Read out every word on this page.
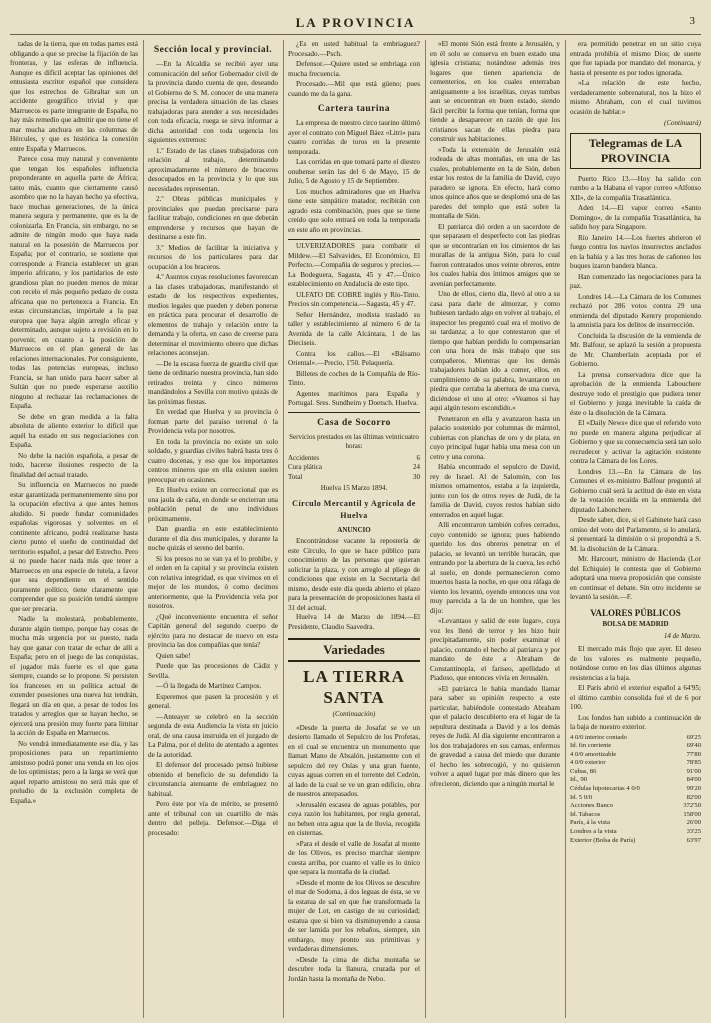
LA PROVINCIA	3

tadas de la tierra, que en todas partes está obligando a que se precise la fijación de las fronteras, y las esferas de influencia. Aunque es difícil aceptar las opiniones del entusiasta escritor español que considera que los estrechos de Gibraltar son un accidente geográfico trivial y que Marruecos es parte integrante de España, no hay más remedio que admitir que no tiene el mar mucha anchura en las columnas de Hércules, y que es histórica la conexión entre España y Marruecos.

Parece cosa muy natural y conveniente que tengan los españoles influencia preponderante en aquella parte de África; tanto más, cuanto que ciertamente causó asombro que no la hayan hecho ya efectiva, hace muchas generaciones, de la única manera segura y permanente, que es la de colonizarla. En Francia, sin embargo, no se admite de ningún modo que haya nada natural en la posesión de Marruecos por España; por el contrario, se sostiene que corresponde a Francia establecer un gran imperio africano, y los partidarios de este grandioso plan no pueden menos de mirar con recelo el más pequeño pedazo de costa africana que no pertenezca a Francia. En estas circunstancias, impórtale a la paz europea que haya algún arreglo eficaz y determinado, aunque sujeto a revisión en lo porvenir, en cuanto a la posición de Marruecos en el plan general de las relaciones internacionales. Por consiguiente, todas las potencias europeas, incluso Francia, se han unido para hacer saber al Sultán que no puede esperarse auxilio ninguno al rechazar las reclamaciones de España.

Se debe en gran medida a la falta absoluta de aliento exterior lo difícil que aquél ha estado en sus negociaciones con España.

No debe la nación española, a pesar de todo, hacerse ilusiones respecto de la finalidad del actual tratado.

Su influencia en Marruecos no puede estar garantizada permanentemente sino por la ocupación efectiva a que antes hemos aludido. Si puede fundar comunidades españolas vigorosas y solventes en el continente africano, podrá realizarse hasta cierto punto el sueño de continuidad del territorio español, a pesar del Estrecho. Pero si no puede hacer nada más que tener a Marruecos en una especie de tutela, a favor que sea dependiente en el sentido puramente político, tiene claramente que comprender que su posición tendrá siempre que ser precaria.

Nadie la molestará, probablemente, durante algún tiempo, porque hay cosas de mucha más urgencia por su puesto, nada hay que ganar con tratar de echar de allí a España; pero en el juego de las conquistas, el jugador más fuerte es el que gana siempre, cuando se lo propone. Si persisten los franceses en su política actual de extender posesiones una nueva luz tendrán, llegará un día en que, a pesar de todos los tratados y arreglos que se hayan hecho, se ejercerá una presión muy fuerte para limitar la acción de España en Marruecos.

No vendrá inmediatamente ese día, y las proposiciones para un repartimiento amistoso podrá poner una venda en los ojos de los optimistas; pero a la larga se verá que aquel reparto amistoso no será más que el preludio de la exclusión completa de España.»

Sección local y provincial.

—En la Alcaldía se recibió ayer una comunicación del señor Gobernador civil de la provincia dando cuenta de que, deseando el Gobierno de S. M. conocer de una manera precisa la verdadera situación de las clases trabajadoras para atender a sus necesidades con toda eficacia, ruega se sirva informar a dicha autoridad con toda urgencia los siguientes extremos:

1.º Estado de las clases trabajadoras con relación al trabajo, determinando aproximadamente el número de braceros desocupados en la provincia y lo que sus necesidades representan.

2.º Obras públicas municipales y provinciales que puedan precisarse para facilitar trabajo, condiciones en que deberán emprenderse y recursos que hayan de destinarse a este fin.

3.º Medios de facilitar la iniciativa y recursos de los particulares para dar ocupación a los braceros.

4.º Asuntos cuyas resoluciones favorezcan a las clases trabajadoras, manifestando el estado de los respectivos expedientes, medios legales que pueden y deben ponerse en práctica para procurar el desarrollo de elementos de trabajo y relación entre la demanda y la oferta, en caso de creerse para determinar el movimiento obrero que dichas relaciones aconsejan.

—De la escasa fuerza de guardia civil que tiene de ordinario nuestra provincia, han sido retirados treinta y cinco números mandándolos a Sevilla con motivo quizás de las próximas fiestas.

En verdad que Huelva y su provincia ó forman parte del paraíso terrenal ó la Providencia vela por nosotros.

En toda la provincia no existe un solo soldado, y guardias civiles habrá hasta tres ó cuatro docenas, y eso que los importantes centros mineros que en ella existen suelen preocupar en ocasiones.

En Huelva existe un correccional que es una jaula de caña, en donde se encierran una población penal de uno individuos próximamente.

Dan guardia en este establecimiento durante el día dos municipales, y durante la noche quizás el sereno del barrio.

Si los presos no se van ya el lo prohíbe, y el orden en la capital y su provincia existen con relativa integridad, es que vivimos en el mejor de los mundos, ó como decimos anteriormente, que la Providencia vela por nosotros.

¿Qué inconveniente encuentra el señor Capitán general del segundo cuerpo de ejército para no destacar de nuevo en esta provincia las dos compañías que tenía?

Quien sabe!

Puede que las procesiones de Cádiz y Sevilla.

—Ó la llegada de Martínez Campos.

Esperemos que pasen la procesión y el general.

—Anteayer se celebró en la sección segunda de esta Audiencia la vista en juicio oral, de una causa instruida en el juzgado de La Palma, por el delito de atentado a agentes de la autoridad.

El defensor del procesado pensó hubiese obtenido el beneficio de su defendido la circunstancia atenuante de embriaguez no habitual.

Pero éste por vía de mérito, se presentó ante el tribunal con un cuartillo de más dentro del pelleja. Defensor.—Diga el procesado:

¿Es en usted habitual la embriaguez? Procesado.—Psch.

Defensor.—Quiere usted se embriaga con mucha frecuencia.

Procesado.—Mil que está güeno; pues cuando me da la gana.

Cartera taurina

La empresa de nuestro circo taurino últimó ayer el contrato con Miguel Báez «Litri» para cuatro corridas de toros en la presente temporada.

Las corridas en que tomará parte el diestro onubense serán las del 6 de Mayo, 15 de Julio, 5 de Agosto y 15 de Septiembre.

Los muchos admiradores que en Huelva tiene este simpático matador, recibirán con agrado esta combinación, pues que se tiene creído que solo entrará en toda la temporada en este año en provincias.

ULVERIZADORES para combatir el Mildew.—El Salvavides, El Económico, El Perfecto.—Compañía de seguros y precios.—La Bodeguera, Sagasta, 45 y 47.—Único establecimiento en Andalucía de este tipo.

ULFATO DE COBRE inglés y Río-Tinto. Precios sin competencia.—Sagasta, 45 y 47.

Señor Hernández, modista trasladó su taller y establecimiento al número 6 de la Avenida de la calle Alcántara, 1 de las Dieciseis.

Contra los callos.—El «Bálsamo Oriental».—Precio, 1'50. Pelaquería.

Billetes de coches de la Compañía de Río-Tinto.

Agentes marítimos para España y Portugal. Sres. Sundheim y Doetsch. Huelva.

Casa de Socorro
Servicios prestados en las últimas veinticuatro horas:
Accidentes	6
Cura plática	24
Total	30
Huelva 15 Marzo 1894.
Círculo Mercantil y Agrícola de Huelva
ANUNCIO

Encontrándose vacante la repostería de este Círculo, lo que se hace público para conocimiento de las personas que quieran solicitar la plaza, y con arreglo al pliego de condiciones que existe en la Secretaría del mismo, desde este día queda abierto el plazo para la presentación de proposiciones hasta el 31 del actual.

Huelva 14 de Marzo de 1894.—El Presidente, Claudio Saavedra.

Variedades
LA TIERRA SANTA
(Continuación)

«Desde la puerta de Josafat se ve un desierto llamado el Sepulcro de los Profetas, en el cual se encuentra un monumento que llaman Mano de Absalón, justamente con el sepulcro del rey Osías y una gran fuente, cuyas aguas corren en el torrente del Cedrón, al lado de la cual se ve un gran edificio, obra de nuestros antepasados.

»Jerusalén escasea de aguas potables, por cuya razón los habitantes, por regla general, no beben otra agua que la de lluvia, recogida en cisternas.

»Para el desde el valle de Josafat al monte de los Olivos, es preciso marchar siempre cuesta arriba, por cuanto el valle es lo único que separa la montaña de la ciudad.

»Desde el monte de los Olivos se descubre el mar de Sodoma, á dos leguas de ésta, se ve la estatua de sal en que fue transformada la mujer de Lot, en castigo de su curiosidad; estatua que si bien va disminuyendo a causa de ser lamida por los rebaños, siempre, sin embargo, muy pronto sus primitivas y verdaderas dimensiones.

»Desde la cima de dicha montaña se descubre toda la llanura, cruzada por el Jordán hasta la montaña de Nebo.

»El monte Sión está frente a Jerusalén, y en él solo se conserva en buen estado una iglesia cristiana; notándose además tres lugares que tienen apariencia de cementerios, en los cuales enterraban antiguamente a los israelitas, cuyas tumbas aun se encuentran en buen estado, siendo fácil percibir la forma que tenían, forma que tiende a desaparecer en razón de que los cristianos sacan de ellas piedra para construir sus habitaciones.

»Toda la extensión de Jerusalén está rodeada de altas montañas, en una de las cuales, probablemente en la de Sión, deben estar los restos de la familia de David, cuyo paradero se ignora. En efecto, hará como unos quince años que se desplomó una de las paredes del templo que está sobre la montaña de Sión.

El patriarca dió orden a un sacerdote de que separasen el desperfecto con las piedras que se encontrarían en los cimientos de las murallas de la antigua Sión, para lo cual fueron contratados unos veinte obreros, entre los cuales había dos íntimos amigos que se avenían perfectamente.

Uno de ellos, cierto día, llevó al otro a su casa para darle de almorzar, y como hubiesen tardado algo en volver al trabajo, el inspector les preguntó cual era el motivo de su tardanza; a lo que contestaron que el tiempo que habían perdido lo compensarían con una hora de más trabajo que sus compañeros. Mientras que los demás trabajadores habían ido a comer, ellos, en cumplimiento de su palabra, levantaron un piedra que cerraba la abertura de una cueva, diciéndose el uno al otro: «Veamos si hay aquí algún tesoro escondido.»

Penetraron en ella y avanzaron hasta un palacio sostenido por columnas de mármol, cubiertas con planchas de oro y de plata, en cuyo principal lugar había una mesa con un cetro y una corona.

Había encontrado el sepulcro de David, rey de Israel. Al de Salomón, con los mismos ornamentos, estaba a la izquierda, junto con los de otros reyes de Judá, de la familia de David, cuyos restos habían sido enterrados en aquel lugar.

Allí encontraron también cofres cerrados, cuyo contenido se ignora; pues habiendo querido los dos obreros penetrar en el palacio, se levantó un terrible huracán, que entrando por la abertura de la cueva, les echó al suelo, en donde permanecieron como muertos hasta la noche, en que otra ráfaga de viento los levantó, oyendo entonces una voz muy parecida a la de un hombre, que les dijo:

«Levantaos y salid de este lugar», cuya voz les llenó de terror y les hizo huir precipitadamente, sin poder examinar el palacio, contando el hecho al patriarca y por mandato de éste a Abraham de Constantinopla, el fariseo, apellidado el Piadoso, que entonces vivía en Jerusalén.

»El patriarca le había mandado llamar para saber su opinión respecto a este particular, habiéndole contestado Abraham que el palacio descubierto era el lugar de la sepultura destinada a David y a los demás reyes de Judá. Al día siguiente encontraron a los dos trabajadores en sus camas, enfermos de gravedad a causa del miedo que durante el hecho les sobrecogió, y no quisieron volver a aquel lugar por más dinero que les ofrecieron, diciendo que a ningún mortal le

era permitido penetrar en un sitio cuya entrada prohibía el mismo Dios; de suerte que fue tapiada por mandato del monarca, y hasta el presente es por todos ignorada.

»La relación de este hecho, verdaderamente sobrenatural, nos la hizo el mismo Abraham, con el cual tuvimos ocasión de hablar.»

(Continuará)
Telegramas de LA PROVINCIA

Puerto Rico 13.—Hoy ha salido con rumbo a la Habana el vapor correo «Alfonso XII», de la compañía Trasatlántica.

Aden 14.—El vapor correo «Santo Domingo», de la compañía Trasatlántica, ha salido hoy para Singapore.

Río Janeiro 14.—Los fuertes abrieron el fuego contra los navíos insurrectos anclados en la bahía y a las tres horas de cañoneo los buques izaron bandera blanca.

Han comenzado las negociaciones para la paz.

Londres 14.—La Cámara de los Comunes rechazó por 286 votos contra 29 una enmienda del diputado Kenrry proponiendo la amnistía para los delitos de insurrección.

Concluida la discusión de la enmienda de Mr. Balfour, se aplazó la sesión a propuesta de Mr. Chamberlain aceptada por el Gobierno.

La prensa conservadora dice que la aprobación de la enmienda Labouchere destruye todo el prestigio que pudiera tener el Gobierno y juzga inevitable la caída de éste o la disolución de la Cámara.

El «Daily News» dice que el referido voto no puede en manera alguna perjudicar al Gobierno y que su consecuencia será tan solo recrudecer y activar la agitación existente contra la Cámara de los Lores.

Londres 13.—En la Cámara de los Comunes el ex-ministro Balfour preguntó al Gobierno cuál será la actitud de éste en vista de la votación recaída en la enmienda del diputado Labonchere.

Desde saber, dice, si el Gabinete hará caso omiso del voto del Parlamento, si lo anulará, si presentará la dimisión o si propondrá a S. M. la disolución de la Cámara.

Mr. Harcourt, ministro de Hacienda (Lor del Echiquie) le contesta que el Gobierno adoptará una nueva proposición que consiste en continuar el debate. Sin otro incidente se levantó la sesión.—F.

VALORES PÚBLICOS
BOLSA DE MADRID
14 de Marzo.

El mercado más flojo que ayer. El deseo de los valores es realmente pequeño, notándose como en los días últimos algunas resistencias a la baja.

El París abrió el exterior español a 64'95; el último cambio consolida fué el de 6 por 100.

Los fondos han subido a continuación de la baja de nuestro exterior.

4 0/0 interior contado	69'25
Id. fin corriente	69'40
4 0/0 amortizable	77'80
4 0/0 exterior	78'85
Cubas, 86	91'00
Id., 90	84'00
Cédulas hipotecarias 4 0/0	99'20
Id. 5 0/0	82'00
Acciones Banco	372'50
Id. Tabacos	158'00
París, á la vista	26'00
Londres a la vista	33'25
Exterior (Bolsa de París)	63'97
